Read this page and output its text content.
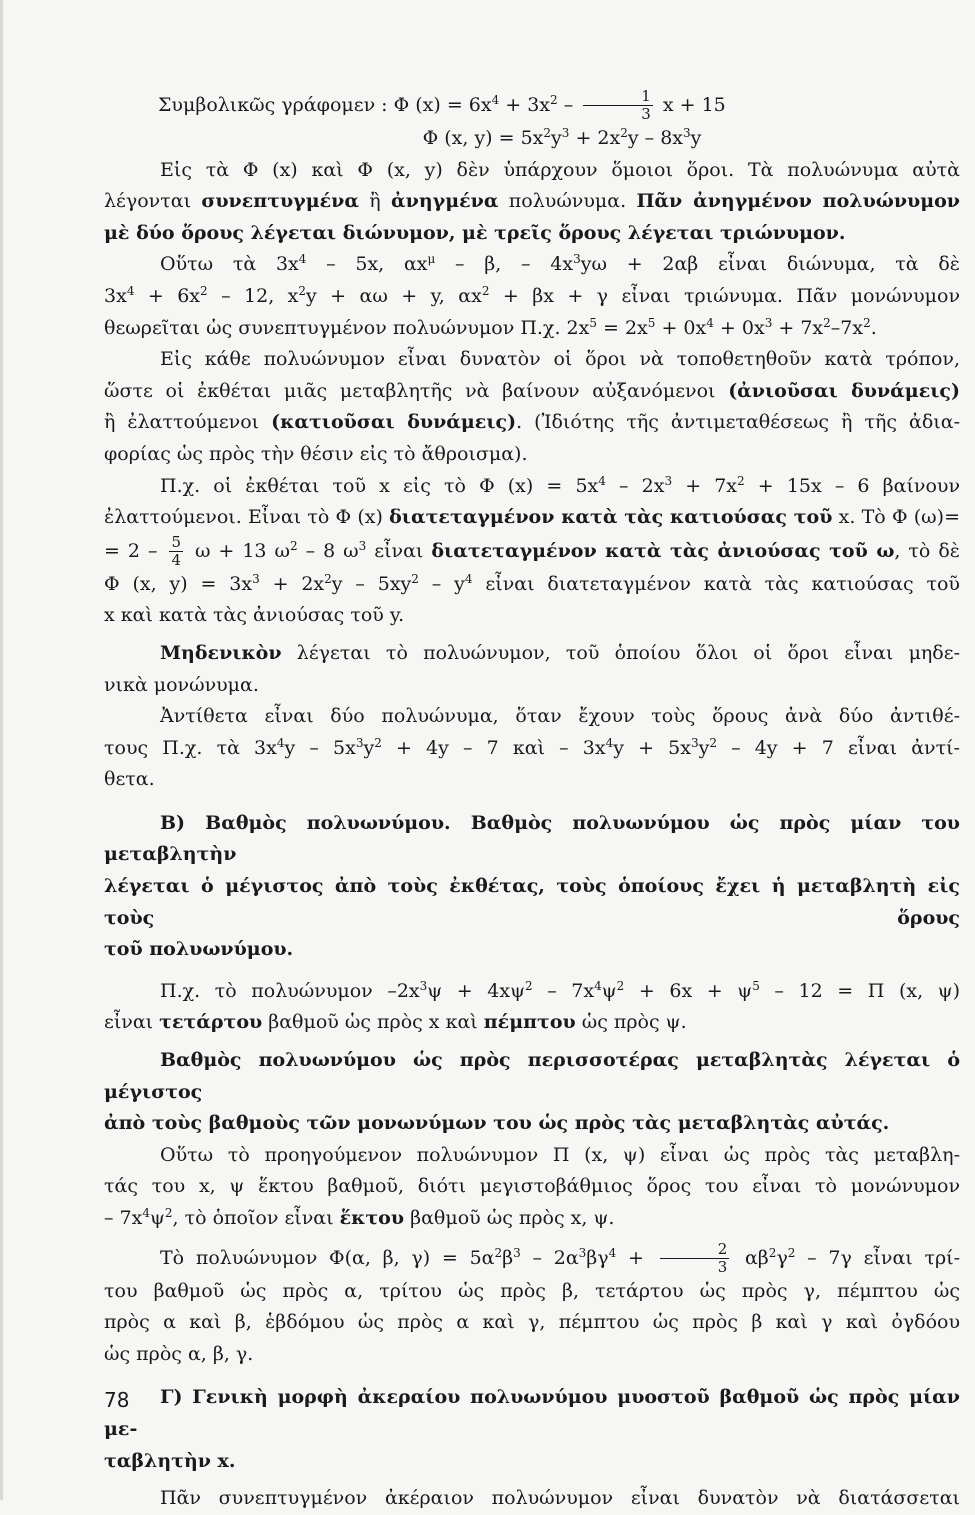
Συμβολικῶς γράφομεν : Φ $(x) = 6x^4 + 3x^2 - \frac{1}{3}$ x + 15

Φ (x, $y) = 5x^2y^3 + 2x^2y - 8x^3y$

Εἰς τὰ Φ (x) καὶ Φ (x, y) δὲν ὑπάρχουν ὅμοιοι ὅροι. Τὰ πολυώνυμα αὐτὰ
λέγονται συνεπτυγμένα ἢ ἀνηγμένα πολυώνυμα. Πᾶν ἀνηγμένον πολυώνυμον
μὲ δύο ὅρους λέγεται διώνυμον, μὲ τρεῖς ὅρους λέγεται τριώνυμον.

Οὕτω τὰ $3x^4 - 5x$, $\alpha x^\mu$ – β, – $4x^3y\omega + 2\alpha\beta$ εἶναι διώνυμα, τὰ δὲ
$3x^4 + 6x^2 - 12$, $x^2y + \alpha\omega + y$, $\alpha x^2 + \beta x + \gamma$ εἶναι τριώνυμα. Πᾶν μονώνυμον
θεωρεῖται ὡς συνεπτυγμένον πολυώνυμον Π.χ. $2x^5 = 2x^5 + 0x^4 + 0x^3 + 7x^2-7x^2$.

Εἰς κάθε πολυώνυμον εἶναι δυνατὸν οἱ ὅροι νὰ τοποθετηθοῦν κατὰ τρόπον,
ὥστε οἱ ἐκθέται μιᾶς μεταβλητῆς νὰ βαίνουν αὐξανόμενοι (ἀνιοῦσαι δυνάμεις)
ἢ ἐλαττούμενοι (κατιοῦσαι δυνάμεις). (Ἰδιότης τῆς ἀντιμεταθέσεως ἢ τῆς ἀδια-
φορίας ὡς πρὸς τὴν θέσιν εἰς τὸ ἄθροισμα).

Π.χ. οἱ ἐκθέται τοῦ x εἰς τὸ Φ $(x) = 5x^4 - 2x^3 + 7x^2 + 15x - 6$ βαίνουν
ἐλαττούμενοι. Εἶναι τὸ Φ (x) διατεταγμένον κατὰ τὰς κατιούσας τοῦ x. Τὸ Φ (ω)=
= $2 - \frac{5}{4}$ ω + 13 $\omega^2 - 8$ $\omega^3$ εἶναι διατεταγμένον κατὰ τὰς ἀνιούσας τοῦ ω, τὸ δὲ
Φ (x, $y) = 3x^3 + 2x^2y - 5xy^2 - y^4$ εἶναι διατεταγμένον κατὰ τὰς κατιούσας τοῦ
x καὶ κατὰ τὰς ἀνιούσας τοῦ y.

Μηδενικὸν λέγεται τὸ πολυώνυμον, τοῦ ὁποίου ὅλοι οἱ ὅροι εἶναι μηδε-
νικὰ μονώνυμα.

Ἀντίθετα εἶναι δύο πολυώνυμα, ὅταν ἔχουν τοὺς ὅρους ἀνὰ δύο ἀντιθέ-
τους Π.χ. τὰ $3x^4y - 5x^3y^2 + 4y - 7$ καὶ – $3x^4y + 5x^3y^2 - 4y + 7$ εἶναι ἀντί-
θετα.

Β) Βαθμὸς πολυωνύμου. Βαθμὸς πολυωνύμου ὡς πρὸς μίαν του μεταβλητὴν
λέγεται ὁ μέγιστος ἀπὸ τοὺς ἐκθέτας, τοὺς ὁποίους ἔχει ἡ μεταβλητὴ εἰς τοὺς ὅρους
τοῦ πολυωνύμου.

Π.χ. τὸ πολυώνυμον $-2x^3\psi + 4x\psi^2 - 7x^4\psi^2 + 6x + \psi^5 - 12 = \Pi$ (x, ψ)
εἶναι τετάρτου βαθμοῦ ὡς πρὸς x καὶ πέμπτου ὡς πρὸς ψ.

Βαθμὸς πολυωνύμου ὡς πρὸς περισσοτέρας μεταβλητὰς λέγεται ὁ μέγιστος
ἀπὸ τοὺς βαθμοὺς τῶν μονωνύμων του ὡς πρὸς τὰς μεταβλητὰς αὐτάς.

Οὕτω τὸ προηγούμενον πολυώνυμον Π (x, ψ) εἶναι ὡς πρὸς τὰς μεταβλη-
τάς του x, ψ ἕκτου βαθμοῦ, διότι μεγιστοβάθμιος ὅρος του εἶναι τὸ μονώνυμον
– $7x^4\psi^2$, τὸ ὁποῖον εἶναι ἕκτου βαθμοῦ ὡς πρὸς x, ψ.

Τὸ πολυώνυμον Φ(α, β, $\gamma) = 5\alpha^2\beta^3 - 2\alpha^3\beta\gamma^4 + \frac{2}{3} \alpha\beta^2\gamma^2 - 7\gamma$ εἶναι τρί-
του βαθμοῦ ὡς πρὸς α, τρίτου ὡς πρὸς β, τετάρτου ὡς πρὸς γ, πέμπτου ὡς
πρὸς α καὶ β, ἑβδόμου ὡς πρὸς α καὶ γ, πέμπτου ὡς πρὸς β καὶ γ καὶ ὀγδόου
ὡς πρὸς α, β, γ.

Γ) Γενικὴ μορφὴ ἀκεραίου πολυωνύμου μυοστοῦ βαθμοῦ ὡς πρὸς μίαν με-
ταβλητὴν x.

Πᾶν συνεπτυγμένον ἀκέραιον πολυώνυμον εἶναι δυνατὸν νὰ διατάσσεται

78
